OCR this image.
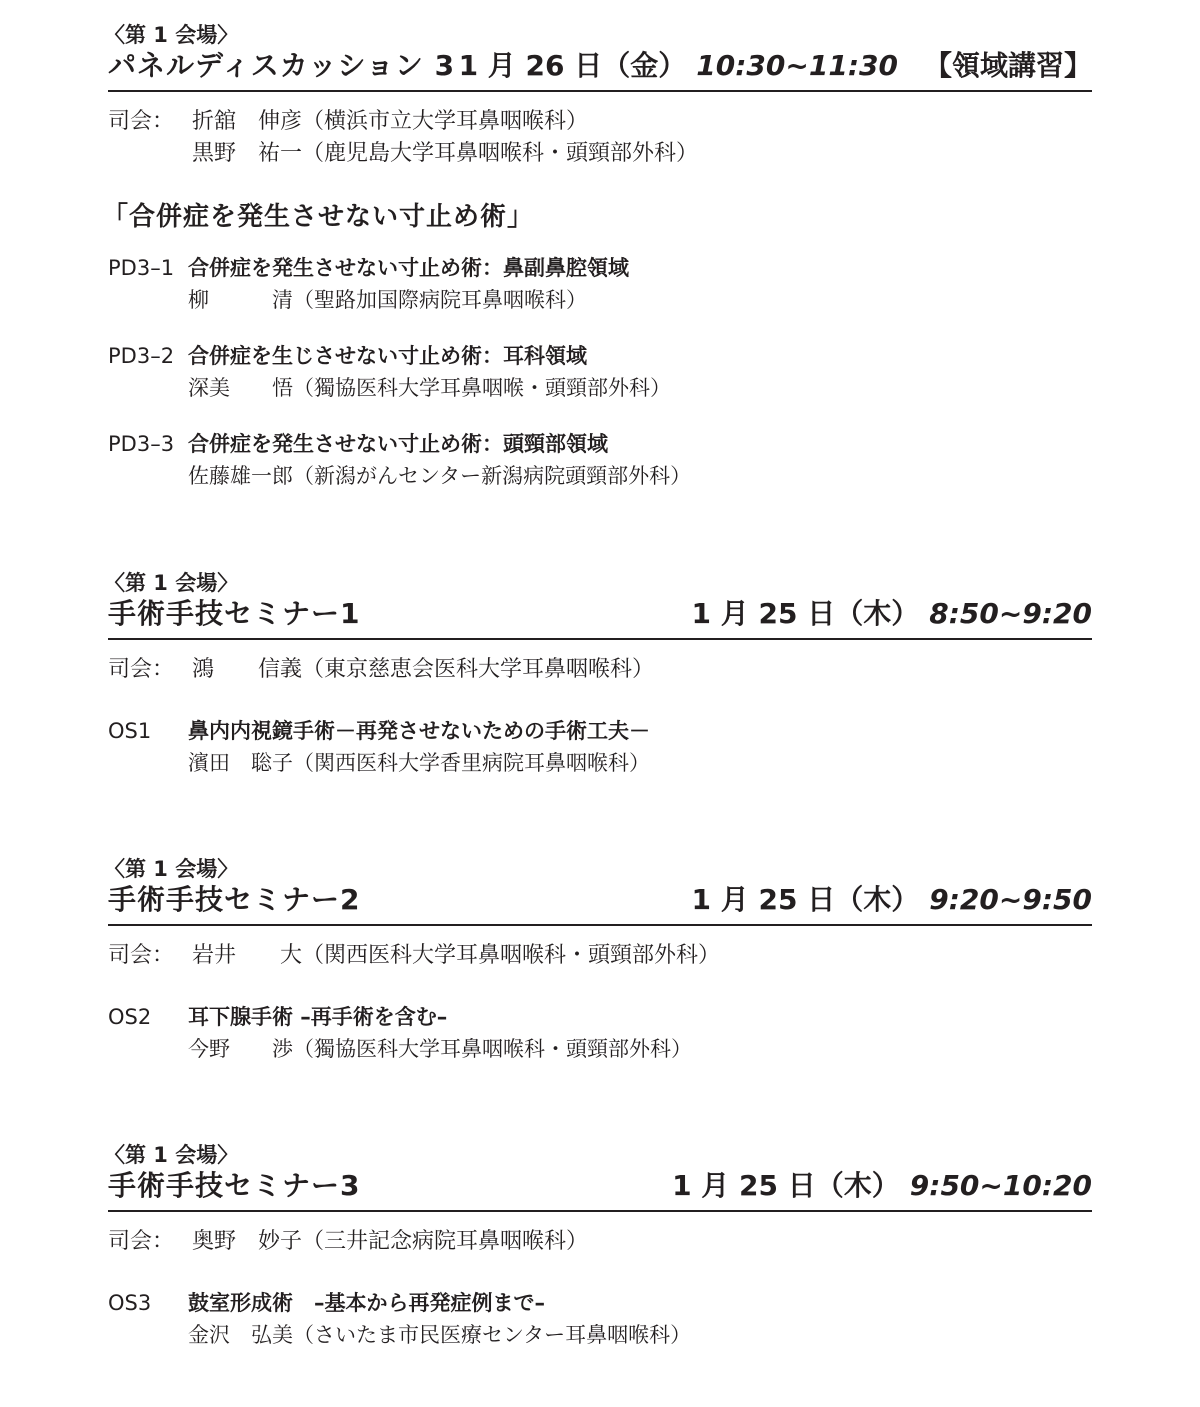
〈第 1 会場〉
パネルディスカッション 3 1 月 26 日（金） 10:30~11:30 【領域講習】
司会： 折舘　伸彦（横浜市立大学耳鼻咽喉科）
黒野　祐一（鹿児島大学耳鼻咽喉科・頭頸部外科）
「合併症を発生させない寸止め術」
PD3–1 合併症を発生させない寸止め術：鼻副鼻腔領域
柳　　　清（聖路加国際病院耳鼻咽喉科）
PD3–2 合併症を生じさせない寸止め術：耳科領域
深美　　悟（獨協医科大学耳鼻咽喉・頭頸部外科）
PD3–3 合併症を発生させない寸止め術：頭頸部領域
佐藤雄一郎（新潟がんセンター新潟病院頭頸部外科）
〈第 1 会場〉
手術手技セミナー1	1 月 25 日（木） 8:50~9:20
司会： 鴻　　信義（東京慈恵会医科大学耳鼻咽喉科）
OS1 鼻内内視鏡手術－再発させないための手術工夫－
濱田　聡子（関西医科大学香里病院耳鼻咽喉科）
〈第 1 会場〉
手術手技セミナー2	1 月 25 日（木） 9:20~9:50
司会： 岩井　　大（関西医科大学耳鼻咽喉科・頭頸部外科）
OS2 耳下腺手術 –再手術を含む–
今野　　渉（獨協医科大学耳鼻咽喉科・頭頸部外科）
〈第 1 会場〉
手術手技セミナー3	1 月 25 日（木） 9:50~10:20
司会： 奥野　妙子（三井記念病院耳鼻咽喉科）
OS3 鼓室形成術　–基本から再発症例まで–
金沢　弘美（さいたま市民医療センター耳鼻咽喉科）
